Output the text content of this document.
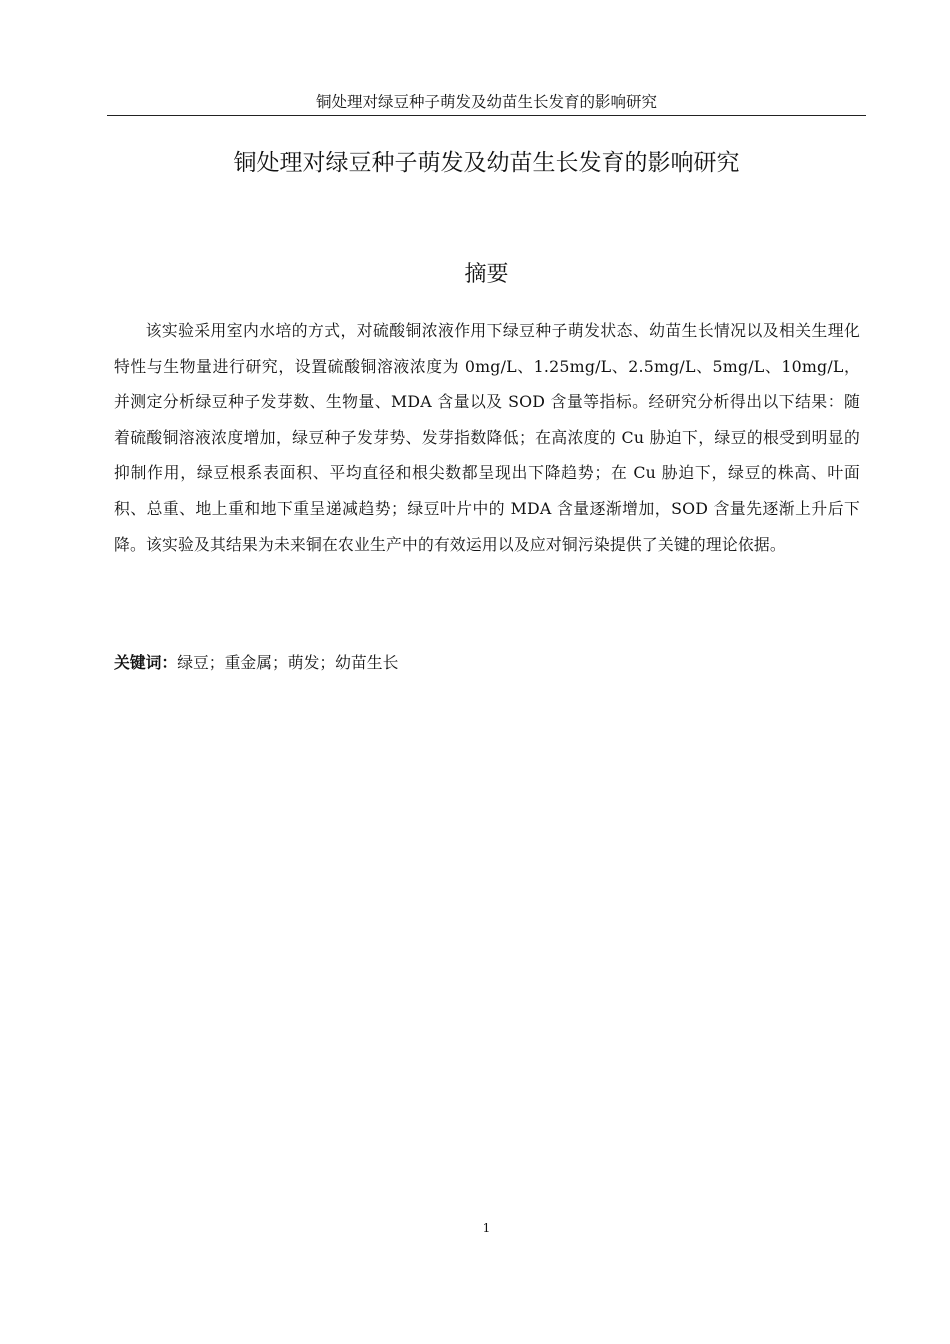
铜处理对绿豆种子萌发及幼苗生长发育的影响研究
铜处理对绿豆种子萌发及幼苗生长发育的影响研究
摘要

该实验采用室内水培的方式，对硫酸铜浓液作用下绿豆种子萌发状态、幼苗生长情况以及相关生理化特性与生物量进行研究，设置硫酸铜溶液浓度为 0mg/L、1.25mg/L、2.5mg/L、5mg/L、10mg/L，并测定分析绿豆种子发芽数、生物量、MDA 含量以及 SOD 含量等指标。经研究分析得出以下结果：随着硫酸铜溶液浓度增加，绿豆种子发芽势、发芽指数降低；在高浓度的 Cu 胁迫下，绿豆的根受到明显的抑制作用，绿豆根系表面积、平均直径和根尖数都呈现出下降趋势；在 Cu 胁迫下，绿豆的株高、叶面积、总重、地上重和地下重呈递减趋势；绿豆叶片中的 MDA 含量逐渐增加，SOD 含量先逐渐上升后下降。该实验及其结果为未来铜在农业生产中的有效运用以及应对铜污染提供了关键的理论依据。

关键词：绿豆；重金属；萌发；幼苗生长

1
